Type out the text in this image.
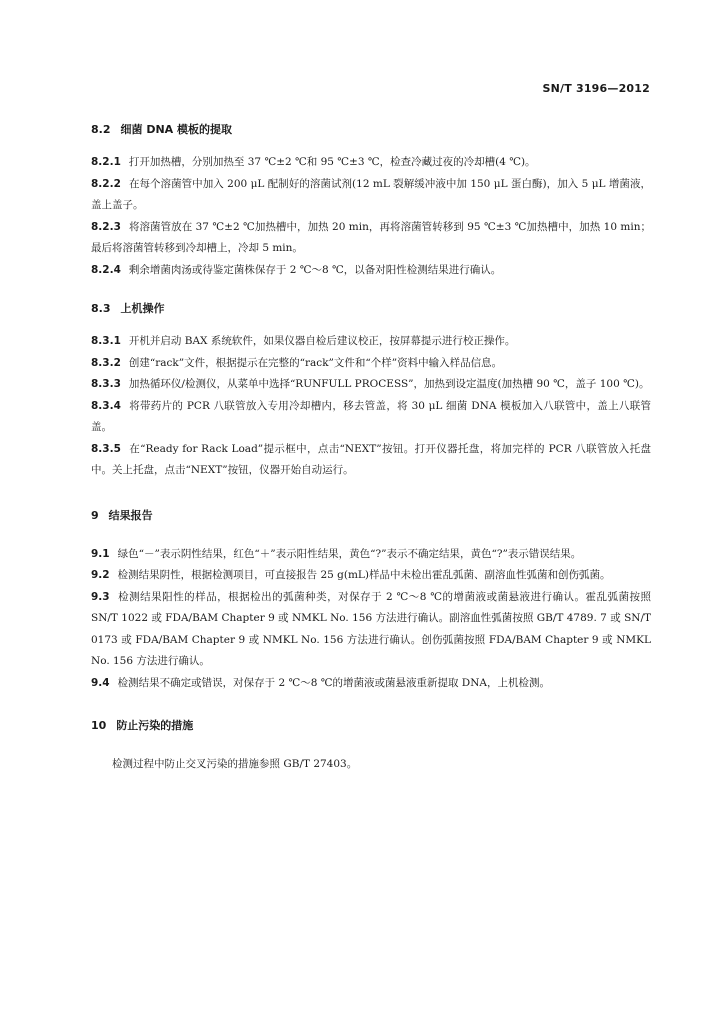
SN/T 3196—2012
8.2 细菌 DNA 模板的提取
8.2.1 打开加热槽，分别加热至 37 ℃±2 ℃和 95 ℃±3 ℃，检查冷藏过夜的冷却槽(4 ℃)。
8.2.2 在每个溶菌管中加入 200 μL 配制好的溶菌试剂(12 mL 裂解缓冲液中加 150 μL 蛋白酶)，加入 5 μL 增菌液，盖上盖子。
8.2.3 将溶菌管放在 37 ℃±2 ℃加热槽中，加热 20 min，再将溶菌管转移到 95 ℃±3 ℃加热槽中，加热 10 min；最后将溶菌管转移到冷却槽上，冷却 5 min。
8.2.4 剩余增菌肉汤或待鉴定菌株保存于 2 ℃～8 ℃，以备对阳性检测结果进行确认。
8.3 上机操作
8.3.1 开机并启动 BAX 系统软件，如果仪器自检后建议校正，按屏幕提示进行校正操作。
8.3.2 创建“rack”文件，根据提示在完整的“rack”文件和“个样”资料中输入样品信息。
8.3.3 加热循环仪/检测仪，从菜单中选择“RUNFULL PROCESS”，加热到设定温度(加热槽 90 ℃，盖子 100 ℃)。
8.3.4 将带药片的 PCR 八联管放入专用冷却槽内，移去管盖，将 30 μL 细菌 DNA 模板加入八联管中，盖上八联管盖。
8.3.5 在“Ready for Rack Load”提示框中，点击“NEXT”按钮。打开仪器托盘，将加完样的 PCR 八联管放入托盘中。关上托盘，点击“NEXT”按钮，仪器开始自动运行。
9 结果报告
9.1 绿色“－”表示阴性结果，红色“＋”表示阳性结果，黄色“?”表示不确定结果，黄色“?”表示错误结果。
9.2 检测结果阴性，根据检测项目，可直接报告 25 g(mL)样品中未检出霍乱弧菌、副溶血性弧菌和创伤弧菌。
9.3 检测结果阳性的样品，根据检出的弧菌种类，对保存于 2 ℃～8 ℃的增菌液或菌悬液进行确认。霍乱弧菌按照 SN/T 1022 或 FDA/BAM Chapter 9 或 NMKL No. 156 方法进行确认。副溶血性弧菌按照 GB/T 4789. 7 或 SN/T 0173 或 FDA/BAM Chapter 9 或 NMKL No. 156 方法进行确认。创伤弧菌按照 FDA/BAM Chapter 9 或 NMKL No. 156 方法进行确认。
9.4 检测结果不确定或错误，对保存于 2 ℃～8 ℃的增菌液或菌悬液重新提取 DNA，上机检测。
10 防止污染的措施
检测过程中防止交叉污染的措施参照 GB/T 27403。
